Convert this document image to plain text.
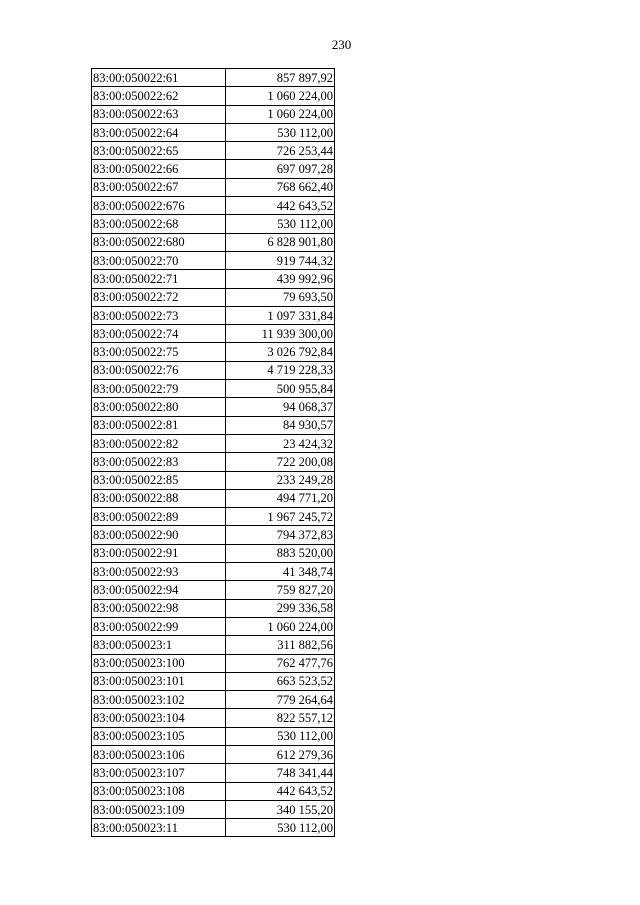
230
83:00:050022:61	857 897,92
83:00:050022:62	1 060 224,00
83:00:050022:63	1 060 224,00
83:00:050022:64	530 112,00
83:00:050022:65	726 253,44
83:00:050022:66	697 097,28
83:00:050022:67	768 662,40
83:00:050022:676	442 643,52
83:00:050022:68	530 112,00
83:00:050022:680	6 828 901,80
83:00:050022:70	919 744,32
83:00:050022:71	439 992,96
83:00:050022:72	79 693,50
83:00:050022:73	1 097 331,84
83:00:050022:74	11 939 300,00
83:00:050022:75	3 026 792,84
83:00:050022:76	4 719 228,33
83:00:050022:79	500 955,84
83:00:050022:80	94 068,37
83:00:050022:81	84 930,57
83:00:050022:82	23 424,32
83:00:050022:83	722 200,08
83:00:050022:85	233 249,28
83:00:050022:88	494 771,20
83:00:050022:89	1 967 245,72
83:00:050022:90	794 372,83
83:00:050022:91	883 520,00
83:00:050022:93	41 348,74
83:00:050022:94	759 827,20
83:00:050022:98	299 336,58
83:00:050022:99	1 060 224,00
83:00:050023:1	311 882,56
83:00:050023:100	762 477,76
83:00:050023:101	663 523,52
83:00:050023:102	779 264,64
83:00:050023:104	822 557,12
83:00:050023:105	530 112,00
83:00:050023:106	612 279,36
83:00:050023:107	748 341,44
83:00:050023:108	442 643,52
83:00:050023:109	340 155,20
83:00:050023:11	530 112,00
